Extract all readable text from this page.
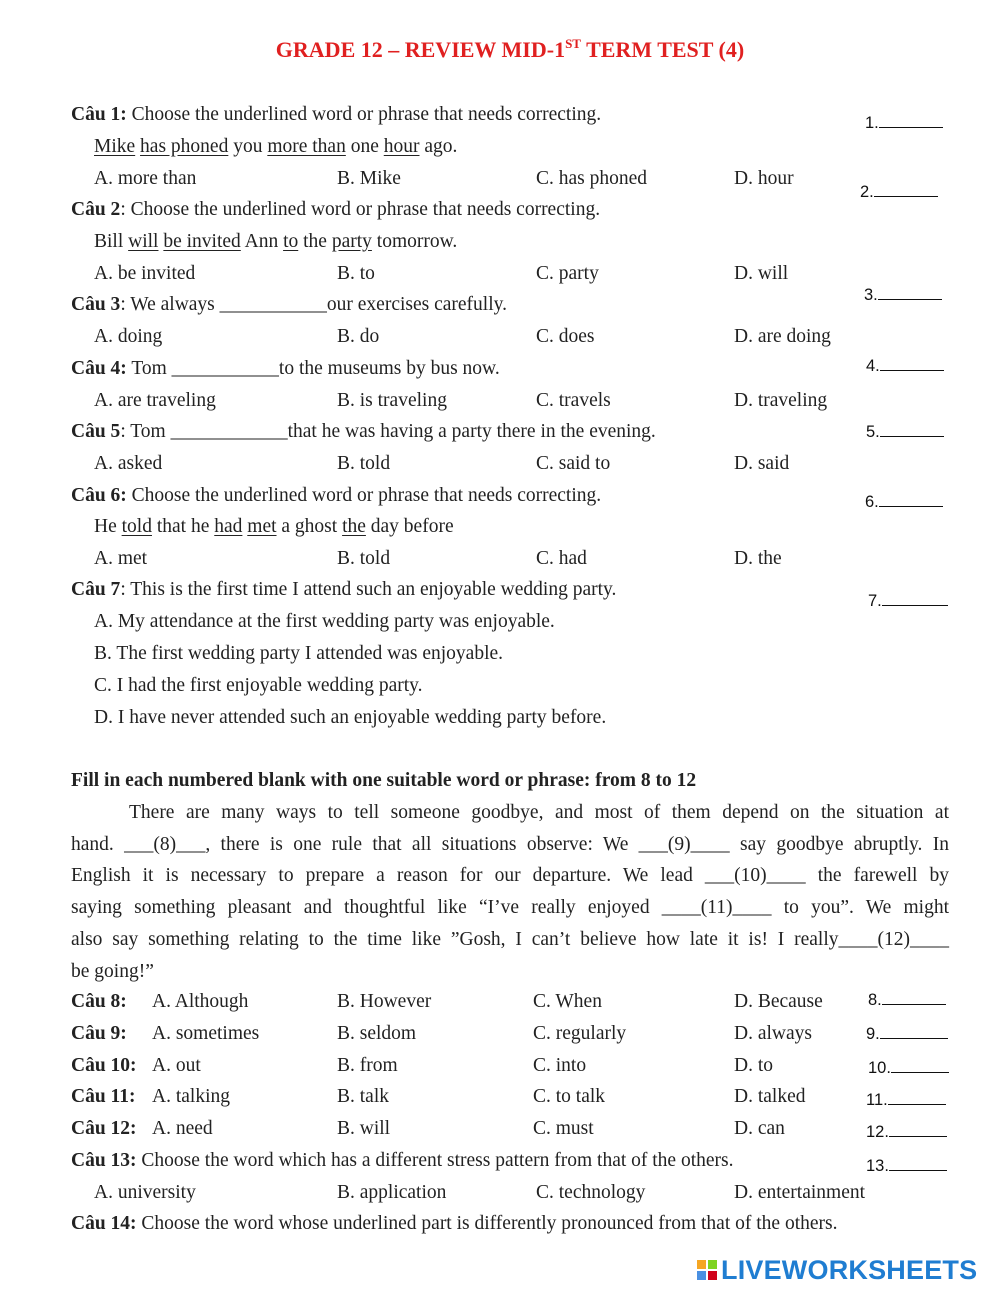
GRADE 12 – REVIEW MID-1ST TERM TEST (4)
Câu 1: Choose the underlined word or phrase that needs correcting.
Mike has phoned you more than one hour ago.
A. more than	B. Mike	C. has phoned	D. hour
Câu 2: Choose the underlined word or phrase that needs correcting.
Bill will be invited Ann to the party tomorrow.
A. be invited	B. to	C. party	D. will
Câu 3: We always ___________our exercises carefully.
A. doing	B. do	C. does	D. are doing
Câu 4: Tom ___________to the museums by bus now.
A. are traveling	B. is traveling	C. travels	D. traveling
Câu 5: Tom ____________that he was having a party there in the evening.
A. asked	B. told	C. said to	D. said
Câu 6: Choose the underlined word or phrase that needs correcting.
He told that he had met a ghost the day before
A. met	B. told	C. had	D. the
Câu 7: This is the first time I attend such an enjoyable wedding party.
A. My attendance at the first wedding party was enjoyable.
B. The first wedding party I attended was enjoyable.
C. I had the first enjoyable wedding party.
D. I have never attended such an enjoyable wedding party before.
1.
2.
3.
4.
5.
6.
7.
Fill in each numbered blank with one suitable word or phrase: from 8 to 12
There are many ways to tell someone goodbye, and most of them depend on the situation at
hand. ___(8)___, there is one rule that all situations observe: We ___(9)____ say goodbye abruptly. In
English it is necessary to prepare a reason for our departure. We lead ___(10)____ the farewell by
saying something pleasant and thoughtful like “I’ve really enjoyed ____(11)____ to you”. We might
also say something relating to the time like ”Gosh, I can’t believe how late it is! I really____(12)____
be going!”
Câu 8: A. Although	B. However	C. When	D. Because
Câu 9: A. sometimes	B. seldom	C. regularly	D. always
Câu 10: A. out	B. from	C. into	D. to
Câu 11: A. talking	B. talk	C. to talk	D. talked
Câu 12: A. need	B. will	C. must	D. can
Câu 13: Choose the word which has a different stress pattern from that of the others.
A. university	B. application	C. technology	D. entertainment
Câu 14: Choose the word whose underlined part is differently pronounced from that of the others.
8.
9.
10.
11.
12.
13.
LIVEWORKSHEETS
